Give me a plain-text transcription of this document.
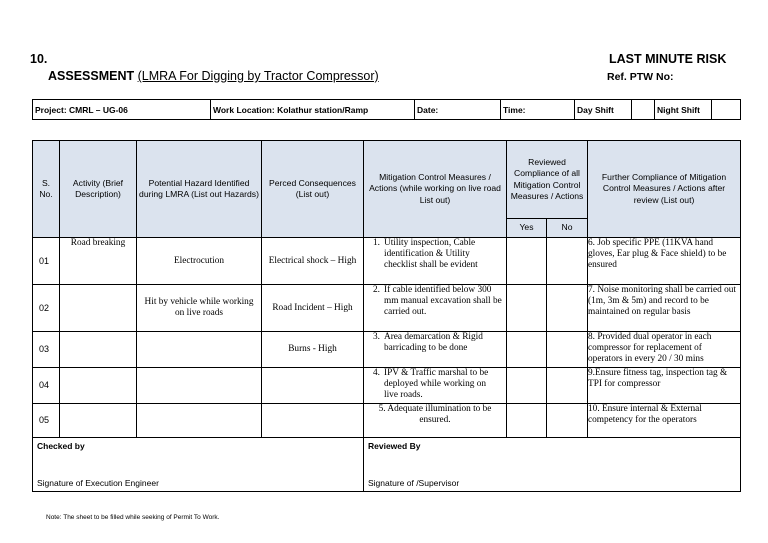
10.
ASSESSMENT (LMRA For Digging by Tractor Compressor)
LAST MINUTE RISK
Ref. PTW No:
Project: CMRL – UG-06	Work Location: Kolathur station/Ramp	Date:	Time:	Day Shift		Night Shift	
S. No.	Activity (Brief Description)	Potential Hazard Identified during LMRA (List out Hazards)	Perced Consequences (List out)	Mitigation Control Measures / Actions (while working on live road List out)	Reviewed Compliance of all Mitigation Control Measures / Actions		Further Compliance of Mitigation Control Measures / Actions after review (List out)
					Yes	No	
01	Road breaking	Electrocution	Electrical shock – High	1. Utility inspection, Cable identification & Utility checklist shall be evident			6. Job specific PPE (11KVA hand gloves, Ear plug & Face shield) to be ensured
02		Hit by vehicle while working on live roads	Road Incident – High	2. If cable identified below 300 mm manual excavation shall be carried out.			7. Noise monitoring shall be carried out (1m, 3m & 5m) and record to be maintained on regular basis
03			Burns - High	3. Area demarcation & Rigid barricading to be done			8. Provided dual operator in each compressor for replacement of operators in every 20 / 30 mins
04				4. IPV & Traffic marshal to be deployed while working on live roads.			9.Ensure fitness tag, inspection tag & TPI for compressor
05				5. Adequate illumination to be ensured.			10. Ensure internal & External competency for the operators

Checked by
Signature of Execution Engineer				Reviewed By
Signature of /Supervisor			
Note: The sheet to be filled while seeking of Permit To Work.
